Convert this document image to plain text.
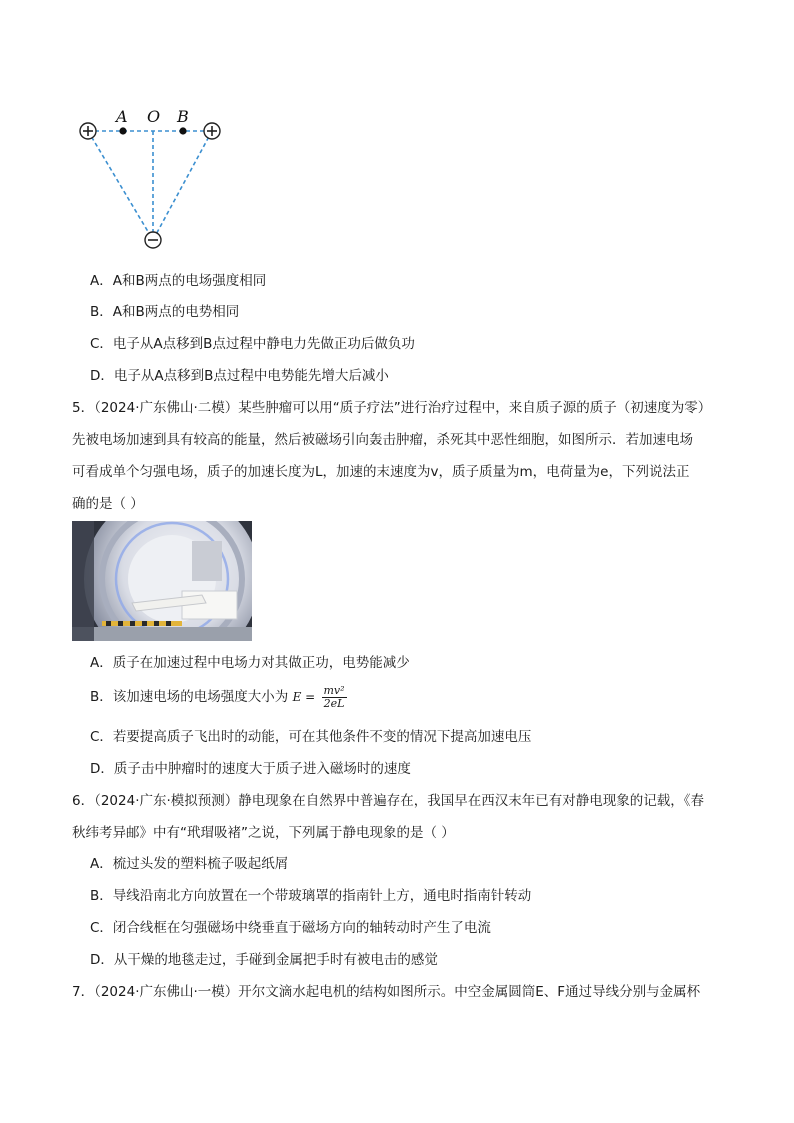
A O B
A．A和B两点的电场强度相同
B．A和B两点的电势相同
C．电子从A点移到B点过程中静电力先做正功后做负功
D．电子从A点移到B点过程中电势能先增大后减小
5．（2024·广东佛山·二模）某些肿瘤可以用“质子疗法”进行治疗过程中，来自质子源的质子（初速度为零）
先被电场加速到具有较高的能量，然后被磁场引向轰击肿瘤，杀死其中恶性细胞，如图所示．若加速电场
可看成单个匀强电场，质子的加速长度为L，加速的末速度为v，质子质量为m，电荷量为e，下列说法正
确的是（ ）
A．质子在加速过程中电场力对其做正功，电势能减少
B．该加速电场的电场强度大小为 $E = \frac{\text{mv²}}{2eL}$
C．若要提高质子飞出时的动能，可在其他条件不变的情况下提高加速电压
D．质子击中肿瘤时的速度大于质子进入磁场时的速度
6．（2024·广东·模拟预测）静电现象在自然界中普遍存在，我国早在西汉末年已有对静电现象的记载，《春
秋纬考异邮》中有“玳瑁吸褚”之说，下列属于静电现象的是（ ）
A．梳过头发的塑料梳子吸起纸屑
B．导线沿南北方向放置在一个带玻璃罩的指南针上方，通电时指南针转动
C．闭合线框在匀强磁场中绕垂直于磁场方向的轴转动时产生了电流
D．从干燥的地毯走过，手碰到金属把手时有被电击的感觉
7．（2024·广东佛山·一模）开尔文滴水起电机的结构如图所示。中空金属圆筒E、F通过导线分别与金属杯
